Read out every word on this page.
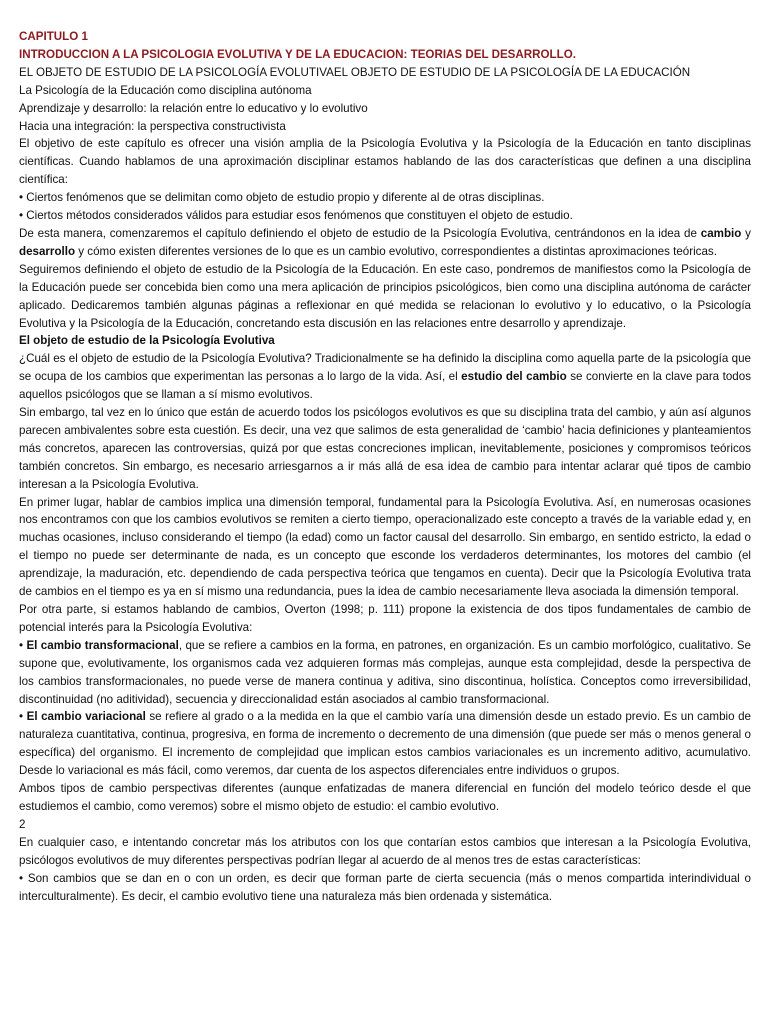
CAPITULO 1

INTRODUCCION A LA PSICOLOGIA EVOLUTIVA Y DE LA EDUCACION: TEORIAS DEL DESARROLLO.

EL OBJETO DE ESTUDIO DE LA PSICOLOGÍA EVOLUTIVAEL OBJETO DE ESTUDIO DE LA PSICOLOGÍA DE LA EDUCACIÓN

La Psicología de la Educación como disciplina autónoma

Aprendizaje y desarrollo: la relación entre lo educativo y lo evolutivo

Hacia una integración: la perspectiva constructivista

El objetivo de este capítulo es ofrecer una visión amplia de la Psicología Evolutiva y la Psicología de la Educación en tanto disciplinas científicas. Cuando hablamos de una aproximación disciplinar estamos hablando de las dos características que definen a una disciplina científica:

• Ciertos fenómenos que se delimitan como objeto de estudio propio y diferente al de otras disciplinas.

• Ciertos métodos considerados válidos para estudiar esos fenómenos que constituyen el objeto de estudio.

De esta manera, comenzaremos el capítulo definiendo el objeto de estudio de la Psicología Evolutiva, centrándonos en la idea de cambio y desarrollo y cómo existen diferentes versiones de lo que es un cambio evolutivo, correspondientes a distintas aproximaciones teóricas.

Seguiremos definiendo el objeto de estudio de la Psicología de la Educación. En este caso, pondremos de manifiestos como la Psicología de la Educación puede ser concebida bien como una mera aplicación de principios psicológicos, bien como una disciplina autónoma de carácter aplicado. Dedicaremos también algunas páginas a reflexionar en qué medida se relacionan lo evolutivo y lo educativo, o la Psicología Evolutiva y la Psicología de la Educación, concretando esta discusión en las relaciones entre desarrollo y aprendizaje.

El objeto de estudio de la Psicología Evolutiva

¿Cuál es el objeto de estudio de la Psicología Evolutiva? Tradicionalmente se ha definido la disciplina como aquella parte de la psicología que se ocupa de los cambios que experimentan las personas a lo largo de la vida. Así, el estudio del cambio se convierte en la clave para todos aquellos psicólogos que se llaman a sí mismo evolutivos.

Sin embargo, tal vez en lo único que están de acuerdo todos los psicólogos evolutivos es que su disciplina trata del cambio, y aún así algunos parecen ambivalentes sobre esta cuestión. Es decir, una vez que salimos de esta generalidad de ‘cambio’ hacia definiciones y planteamientos más concretos, aparecen las controversias, quizá por que estas concreciones implican, inevitablemente, posiciones y compromisos teóricos también concretos. Sin embargo, es necesario arriesgarnos a ir más allá de esa idea de cambio para intentar aclarar qué tipos de cambio interesan a la Psicología Evolutiva.

En primer lugar, hablar de cambios implica una dimensión temporal, fundamental para la Psicología Evolutiva. Así, en numerosas ocasiones nos encontramos con que los cambios evolutivos se remiten a cierto tiempo, operacionalizado este concepto a través de la variable edad y, en muchas ocasiones, incluso considerando el tiempo (la edad) como un factor causal del desarrollo. Sin embargo, en sentido estricto, la edad o el tiempo no puede ser determinante de nada, es un concepto que esconde los verdaderos determinantes, los motores del cambio (el aprendizaje, la maduración, etc. dependiendo de cada perspectiva teórica que tengamos en cuenta). Decir que la Psicología Evolutiva trata de cambios en el tiempo es ya en sí mismo una redundancia, pues la idea de cambio necesariamente lleva asociada la dimensión temporal.

Por otra parte, si estamos hablando de cambios, Overton (1998; p. 111) propone la existencia de dos tipos fundamentales de cambio de potencial interés para la Psicología Evolutiva:

• El cambio transformacional, que se refiere a cambios en la forma, en patrones, en organización. Es un cambio morfológico, cualitativo. Se supone que, evolutivamente, los organismos cada vez adquieren formas más complejas, aunque esta complejidad, desde la perspectiva de los cambios transformacionales, no puede verse de manera continua y aditiva, sino discontinua, holística. Conceptos como irreversibilidad, discontinuidad (no aditividad), secuencia y direccionalidad están asociados al cambio transformacional.

• El cambio variacional se refiere al grado o a la medida en la que el cambio varía una dimensión desde un estado previo. Es un cambio de naturaleza cuantitativa, continua, progresiva, en forma de incremento o decremento de una dimensión (que puede ser más o menos general o específica) del organismo. El incremento de complejidad que implican estos cambios variacionales es un incremento aditivo, acumulativo. Desde lo variacional es más fácil, como veremos, dar cuenta de los aspectos diferenciales entre individuos o grupos.

Ambos tipos de cambio perspectivas diferentes (aunque enfatizadas de manera diferencial en función del modelo teórico desde el que estudiemos el cambio, como veremos) sobre el mismo objeto de estudio: el cambio evolutivo.

2

En cualquier caso, e intentando concretar más los atributos con los que contarían estos cambios que interesan a la Psicología Evolutiva, psicólogos evolutivos de muy diferentes perspectivas podrían llegar al acuerdo de al menos tres de estas características:

• Son cambios que se dan en o con un orden, es decir que forman parte de cierta secuencia (más o menos compartida interindividual o interculturalmente). Es decir, el cambio evolutivo tiene una naturaleza más bien ordenada y sistemática.
